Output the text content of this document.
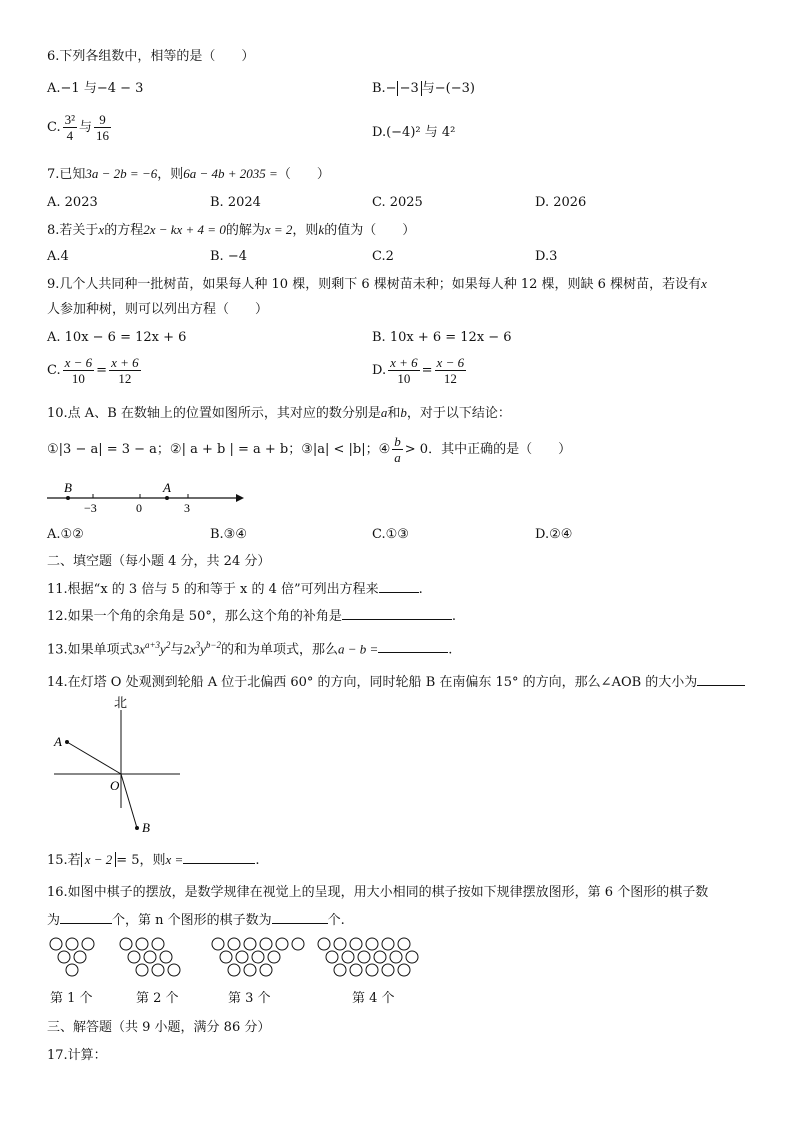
6.下列各组数中，相等的是（　　）
A.−1 与−4 − 3	B.− −3 与−(−3)
C. $\frac{\text{3²}}{4}$ 与 $\frac{9}{16}$	D.(−4)² 与 4²
7.已知3a − 2b = −6，则6a − 4b + 2035 =（　　）
A. 2023	B. 2024	C. 2025	D. 2026
8.若关于x的方程2x − kx + 4 = 0的解为x = 2，则k的值为（　　）
A.4	B. −4	C.2	D.3
9.几个人共同种一批树苗，如果每人种 10 棵，则剩下 6 棵树苗未种；如果每人种 12 棵，则缺 6 棵树苗，若设有x
人参加种树，则可以列出方程（　　）
A. 10x − 6 = 12x + 6	B. 10x + 6 = 12x − 6
C. $\frac{x - 6}{10} = \frac{x + 6}{12}$	D. $\frac{x + 6}{10} = \frac{x - 6}{12}$
10.点 A、B 在数轴上的位置如图所示，其对应的数分别是a和b，对于以下结论：
①|3 − a| = 3 − a；②| a + b | = a + b；③|a| < |b|；④ $\frac{b}{a} > 0$．其中正确的是（　　）
B	A
−3	0	3
A.①②	B.③④	C.①③	D.②④
二、填空题（每小题 4 分，共 24 分）
11.根据“x 的 3 倍与 5 的和等于 x 的 4 倍”可列出方程来	.
12.如果一个角的余角是 50°，那么这个角的补角是	.
13.如果单项式$3x^{a+3}y^2$与$2x^3y^{b-2}$的和为单项式，那么a − b =	.
14.在灯塔 O 处观测到轮船 A 位于北偏西 60° 的方向，同时轮船 B 在南偏东 15° 的方向，那么∠AOB 的大小为
北
A
O
B
15.若 x − 2 = 5，则x =	.
16.如图中棋子的摆放，是数学规律在视觉上的呈现，用大小相同的棋子按如下规律摆放图形，第 6 个图形的棋子数
为	个，第 n 个图形的棋子数为	个.
第 1 个	第 2 个	第 3 个	第 4 个
三、解答题（共 9 小题，满分 86 分）
17.计算：
